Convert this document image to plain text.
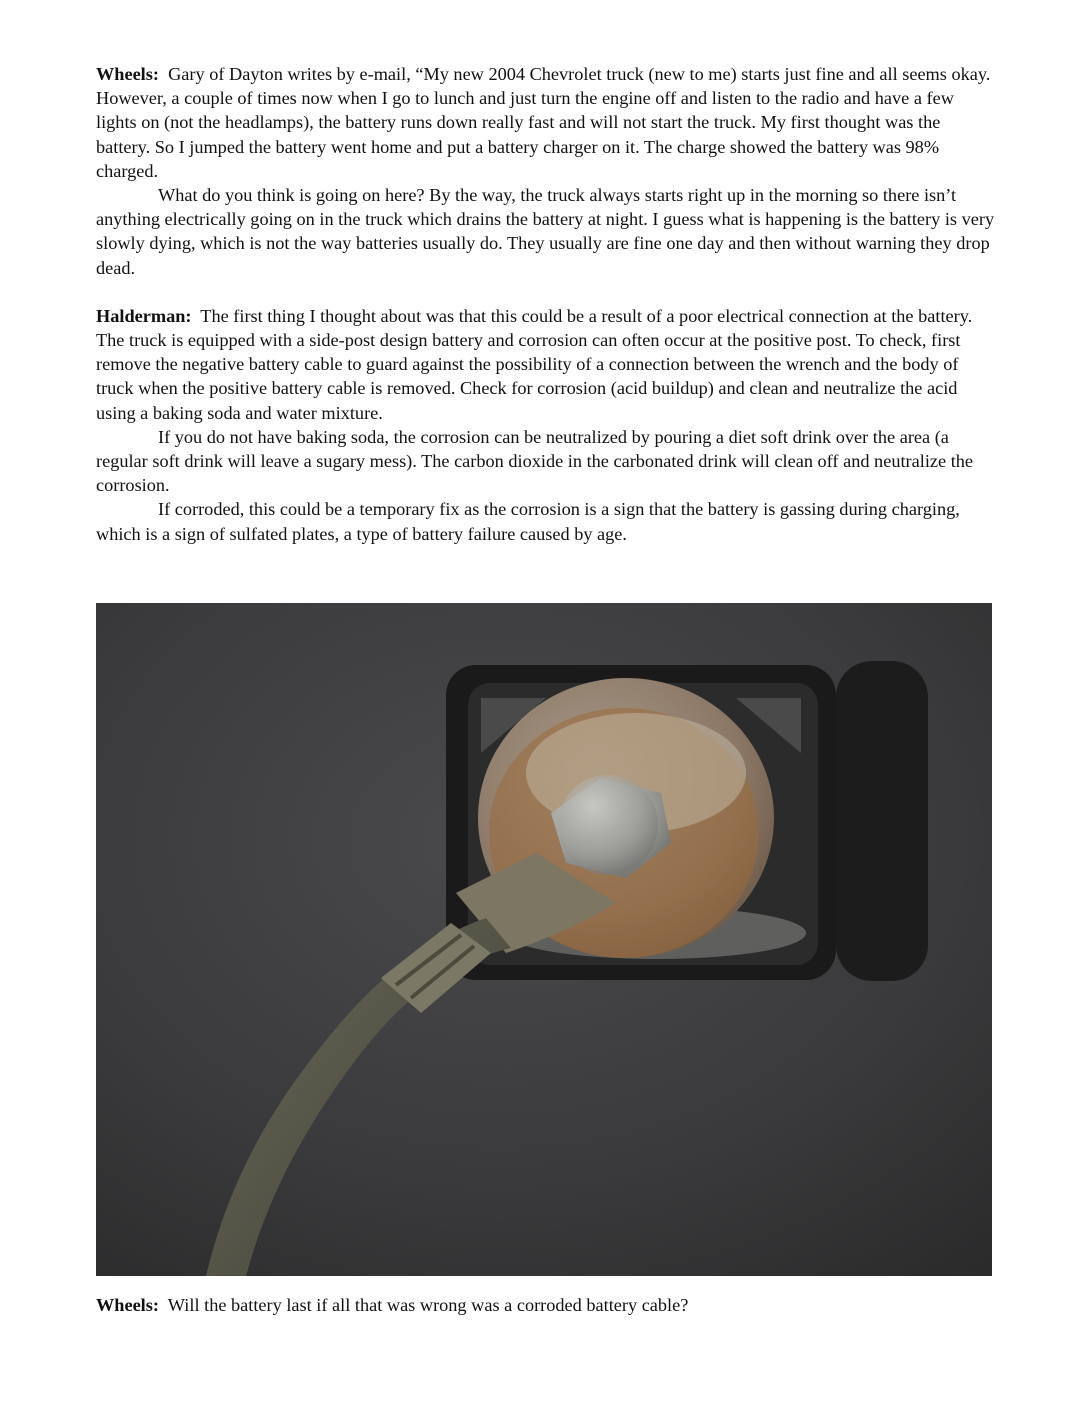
Wheels: Gary of Dayton writes by e-mail, “My new 2004 Chevrolet truck (new to me) starts just fine and all seems okay. However, a couple of times now when I go to lunch and just turn the engine off and listen to the radio and have a few lights on (not the headlamps), the battery runs down really fast and will not start the truck. My first thought was the battery. So I jumped the battery went home and put a battery charger on it. The charge showed the battery was 98% charged.

What do you think is going on here? By the way, the truck always starts right up in the morning so there isn’t anything electrically going on in the truck which drains the battery at night. I guess what is happening is the battery is very slowly dying, which is not the way batteries usually do. They usually are fine one day and then without warning they drop dead.

Halderman: The first thing I thought about was that this could be a result of a poor electrical connection at the battery. The truck is equipped with a side-post design battery and corrosion can often occur at the positive post. To check, first remove the negative battery cable to guard against the possibility of a connection between the wrench and the body of truck when the positive battery cable is removed. Check for corrosion (acid buildup) and clean and neutralize the acid using a baking soda and water mixture.

If you do not have baking soda, the corrosion can be neutralized by pouring a diet soft drink over the area (a regular soft drink will leave a sugary mess). The carbon dioxide in the carbonated drink will clean off and neutralize the corrosion.

If corroded, this could be a temporary fix as the corrosion is a sign that the battery is gassing during charging, which is a sign of sulfated plates, a type of battery failure caused by age.

Wheels: Will the battery last if all that was wrong was a corroded battery cable?
